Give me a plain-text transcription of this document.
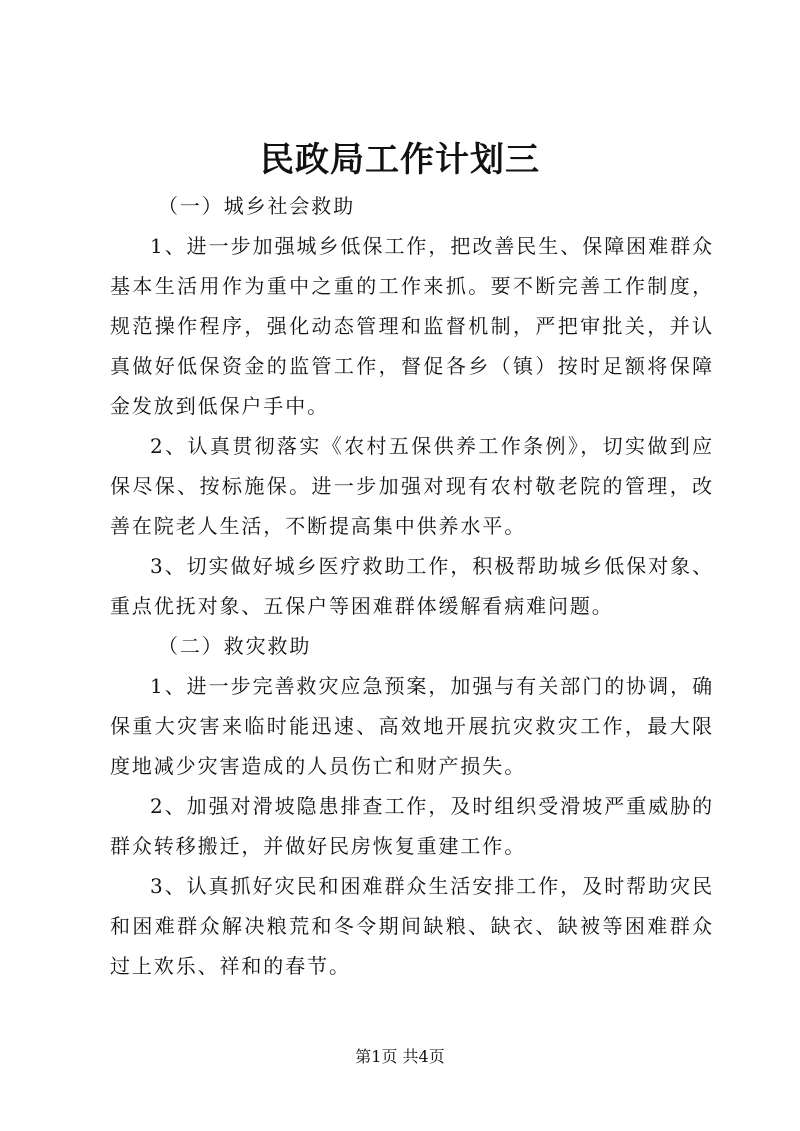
民政局工作计划三

（一）城乡社会救助

1、进一步加强城乡低保工作，把改善民生、保障困难群众基本生活用作为重中之重的工作来抓。要不断完善工作制度，规范操作程序，强化动态管理和监督机制，严把审批关，并认真做好低保资金的监管工作，督促各乡（镇）按时足额将保障金发放到低保户手中。

2、认真贯彻落实《农村五保供养工作条例》，切实做到应保尽保、按标施保。进一步加强对现有农村敬老院的管理，改善在院老人生活，不断提高集中供养水平。

3、切实做好城乡医疗救助工作，积极帮助城乡低保对象、重点优抚对象、五保户等困难群体缓解看病难问题。

（二）救灾救助

1、进一步完善救灾应急预案，加强与有关部门的协调，确保重大灾害来临时能迅速、高效地开展抗灾救灾工作，最大限度地减少灾害造成的人员伤亡和财产损失。

2、加强对滑坡隐患排查工作，及时组织受滑坡严重威胁的群众转移搬迁，并做好民房恢复重建工作。

3、认真抓好灾民和困难群众生活安排工作，及时帮助灾民和困难群众解决粮荒和冬令期间缺粮、缺衣、缺被等困难群众过上欢乐、祥和的春节。

第1页 共4页
